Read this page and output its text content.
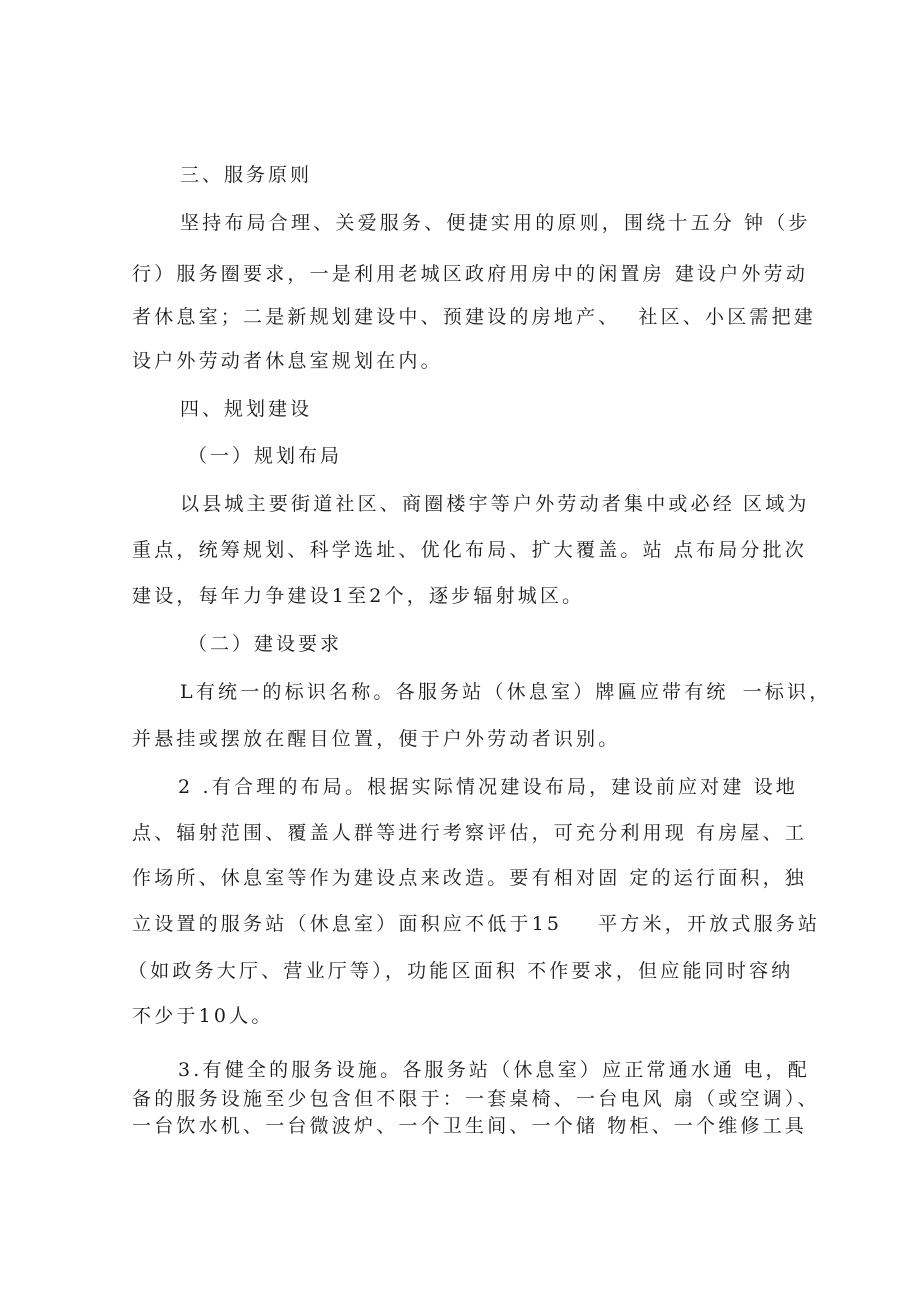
三、服务原则
坚持布局合理、关爱服务、便捷实用的原则，围绕十五分 钟（步
行）服务圈要求，一是利用老城区政府用房中的闲置房 建设户外劳动
者休息室；二是新规划建设中、预建设的房地产、 社区、小区需把建
设户外劳动者休息室规划在内。
四、规划建设
（一）规划布局
以县城主要街道社区、商圈楼宇等户外劳动者集中或必经 区域为
重点，统筹规划、科学选址、优化布局、扩大覆盖。站 点布局分批次
建设，每年力争建设1至2个，逐步辐射城区。
（二）建设要求
L有统一的标识名称。各服务站（休息室）牌匾应带有统 一标识，
并悬挂或摆放在醒目位置，便于户外劳动者识别。
2 .有合理的布局。根据实际情况建设布局，建设前应对建 设地
点、辐射范围、覆盖人群等进行考察评估，可充分利用现 有房屋、工
作场所、休息室等作为建设点来改造。要有相对固 定的运行面积，独
立设置的服务站（休息室）面积应不低于15 平方米，开放式服务站
（如政务大厅、营业厅等），功能区面积 不作要求，但应能同时容纳
不少于10人。
3.有健全的服务设施。各服务站（休息室）应正常通水通 电，配
备的服务设施至少包含但不限于：一套桌椅、一台电风 扇（或空调）、
一台饮水机、一台微波炉、一个卫生间、一个储 物柜、一个维修工具
